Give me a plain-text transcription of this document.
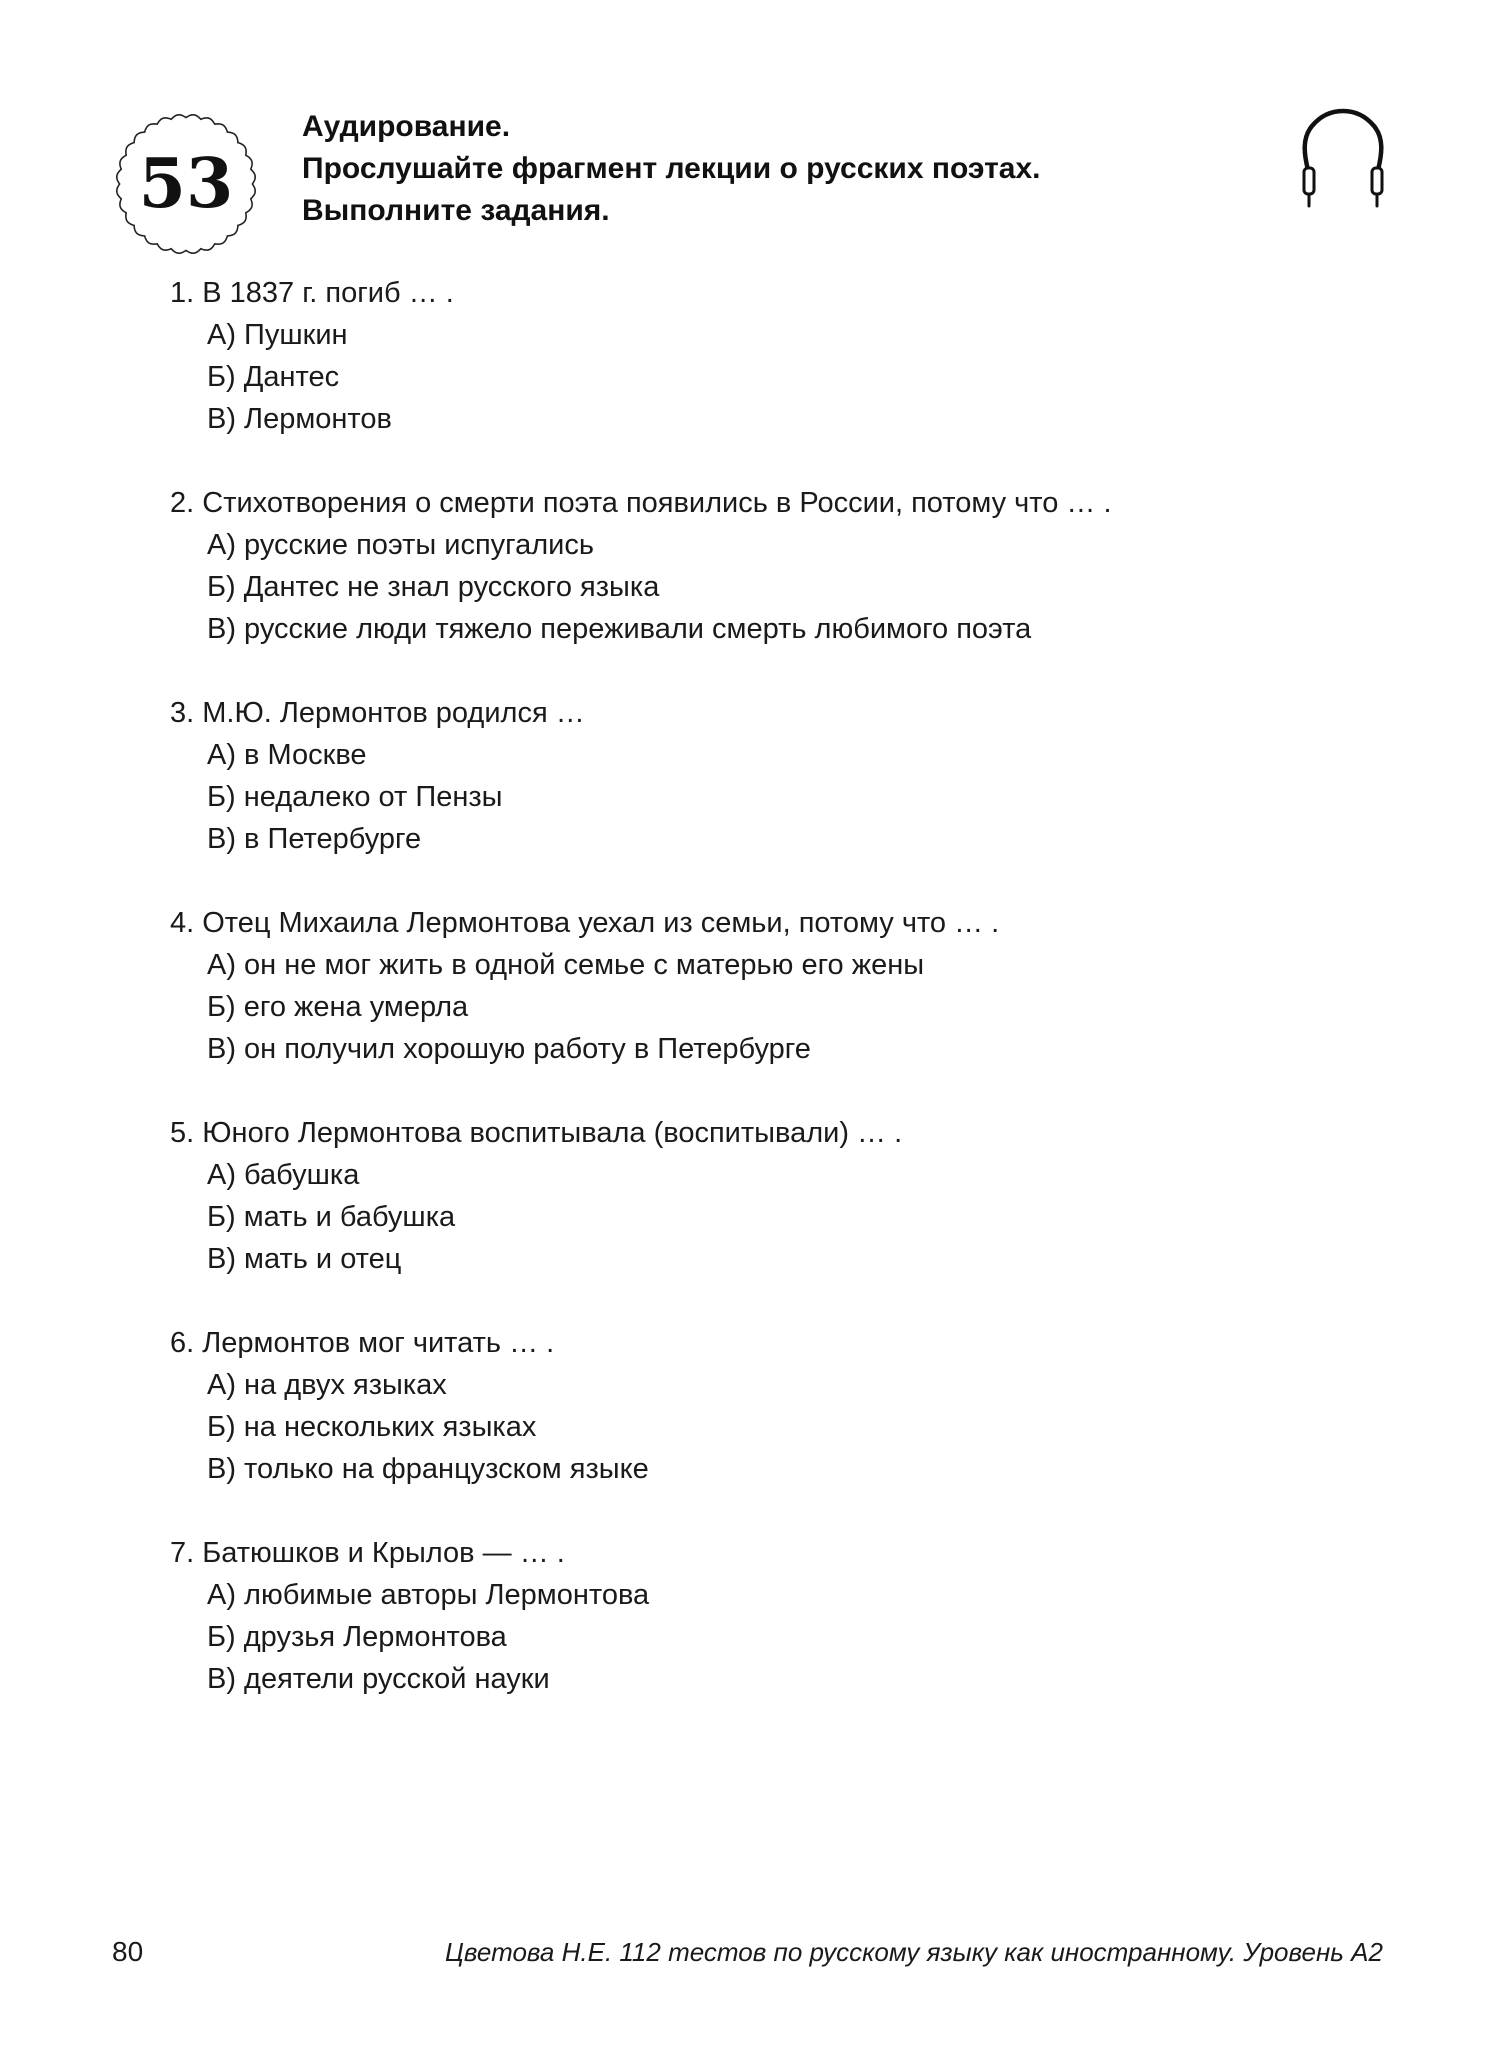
53
Аудирование.
Прослушайте фрагмент лекции о русских поэтах.
Выполните задания.
1. В 1837 г. погиб … .
А) Пушкин
Б) Дантес
В) Лермонтов
2. Стихотворения о смерти поэта появились в России, потому что … .
А) русские поэты испугались
Б) Дантес не знал русского языка
В) русские люди тяжело переживали смерть любимого поэта
3. М.Ю. Лермонтов родился …
А) в Москве
Б) недалеко от Пензы
В) в Петербурге
4. Отец Михаила Лермонтова уехал из семьи, потому что … .
А) он не мог жить в одной семье с матерью его жены
Б) его жена умерла
В) он получил хорошую работу в Петербурге
5. Юного Лермонтова воспитывала (воспитывали) … .
А) бабушка
Б) мать и бабушка
В) мать и отец
6. Лермонтов мог читать … .
А) на двух языках
Б) на нескольких языках
В) только на французском языке
7. Батюшков и Крылов — … .
А) любимые авторы Лермонтова
Б) друзья Лермонтова
В) деятели русской науки
80	Цветова Н.Е. 112 тестов по русскому языку как иностранному. Уровень А2
